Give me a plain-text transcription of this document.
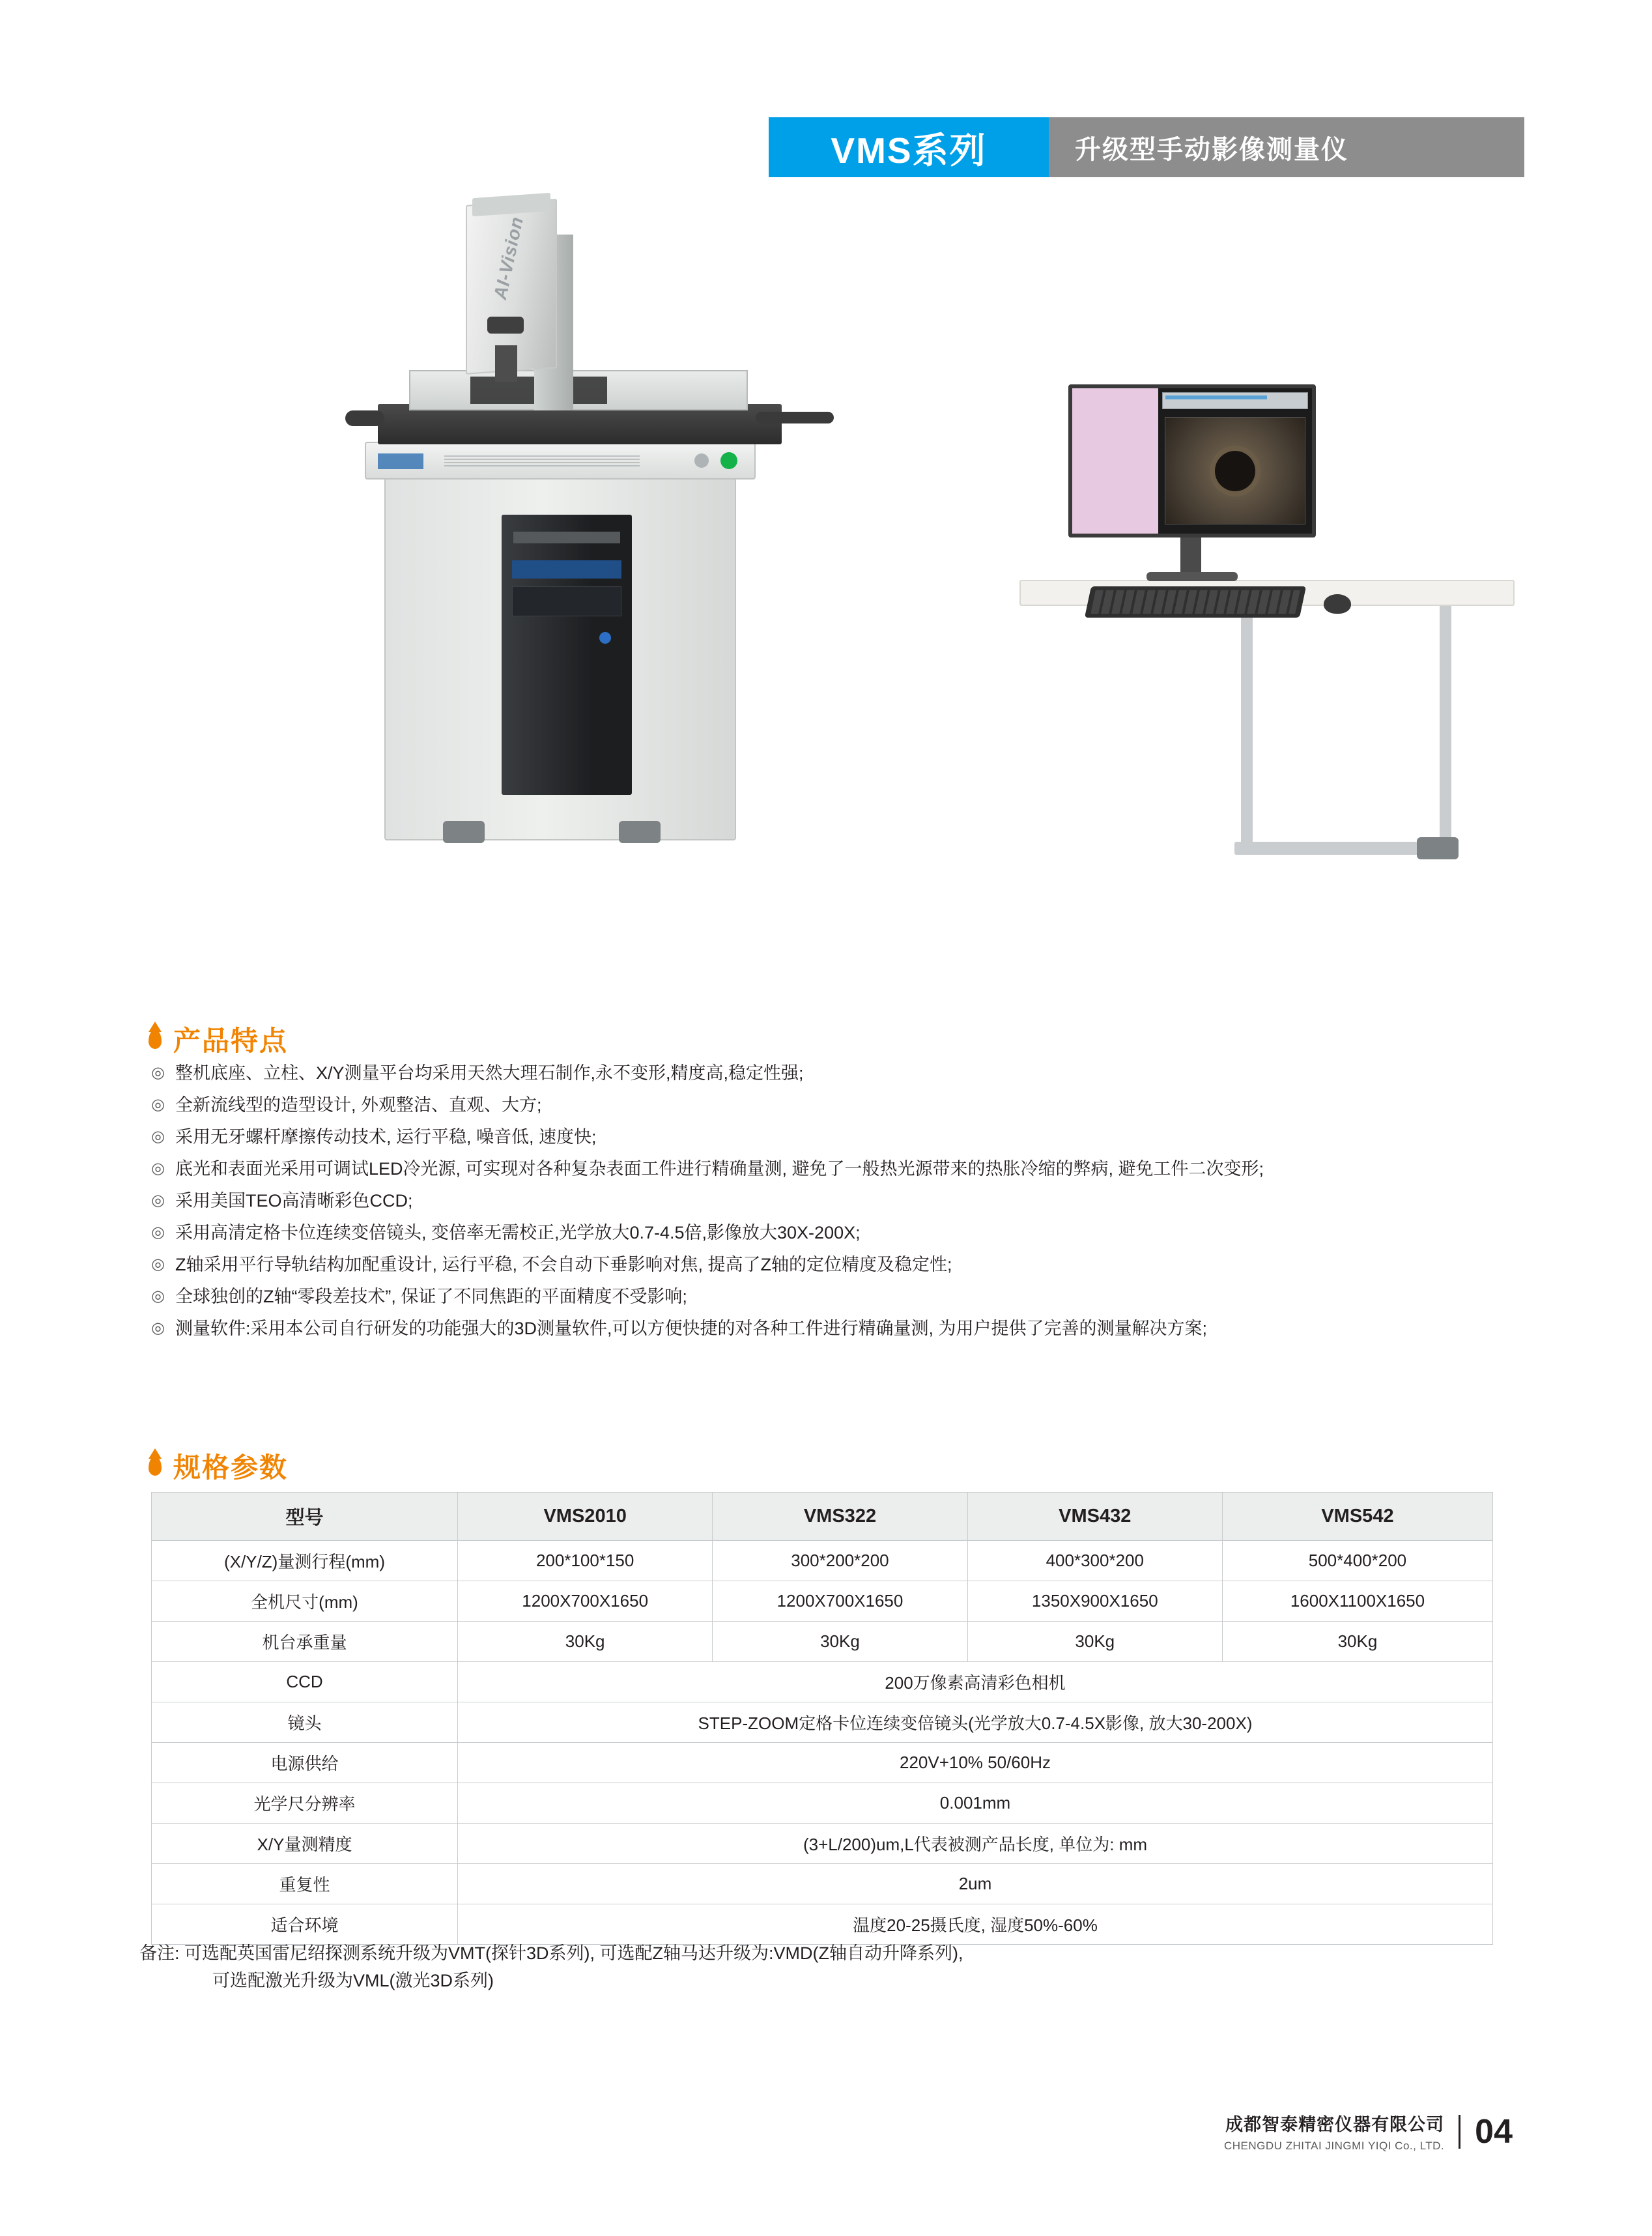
VMS系列	升级型手动影像测量仪
AI-Vision
产品特点
◎ 整机底座、立柱、X/Y测量平台均采用天然大理石制作,永不变形,精度高,稳定性强;
◎ 全新流线型的造型设计, 外观整洁、直观、大方;
◎ 采用无牙螺杆摩擦传动技术, 运行平稳, 噪音低, 速度快;
◎ 底光和表面光采用可调试LED冷光源, 可实现对各种复杂表面工件进行精确量测, 避免了一般热光源带来的热胀冷缩的弊病, 避免工件二次变形;
◎ 采用美国TEO高清晰彩色CCD;
◎ 采用高清定格卡位连续变倍镜头, 变倍率无需校正,光学放大0.7-4.5倍,影像放大30X-200X;
◎ Z轴采用平行导轨结构加配重设计, 运行平稳, 不会自动下垂影响对焦, 提高了Z轴的定位精度及稳定性;
◎ 全球独创的Z轴“零段差技术”, 保证了不同焦距的平面精度不受影响;
◎ 测量软件:采用本公司自行研发的功能强大的3D测量软件,可以方便快捷的对各种工件进行精确量测, 为用户提供了完善的测量解决方案;
规格参数
型号	VMS2010	VMS322	VMS432	VMS542
(X/Y/Z)量测行程(mm)	200*100*150	300*200*200	400*300*200	500*400*200
全机尺寸(mm)	1200X700X1650	1200X700X1650	1350X900X1650	1600X1100X1650
机台承重量	30Kg	30Kg	30Kg	30Kg
CCD	200万像素高清彩色相机			
镜头	STEP-ZOOM定格卡位连续变倍镜头(光学放大0.7-4.5X影像, 放大30-200X)			
电源供给	220V+10% 50/60Hz			
光学尺分辨率	0.001mm			
X/Y量测精度	(3+L/200)um,L代表被测产品长度, 单位为: mm			
重复性	2um			
适合环境	温度20-25摄氏度, 湿度50%-60%			
备注: 可选配英国雷尼绍探测系统升级为VMT(探针3D系列), 可选配Z轴马达升级为:VMD(Z轴自动升降系列),
可选配激光升级为VML(激光3D系列)
成都智泰精密仪器有限公司
CHENGDU ZHITAI JINGMI YIQI Co., LTD. 04
